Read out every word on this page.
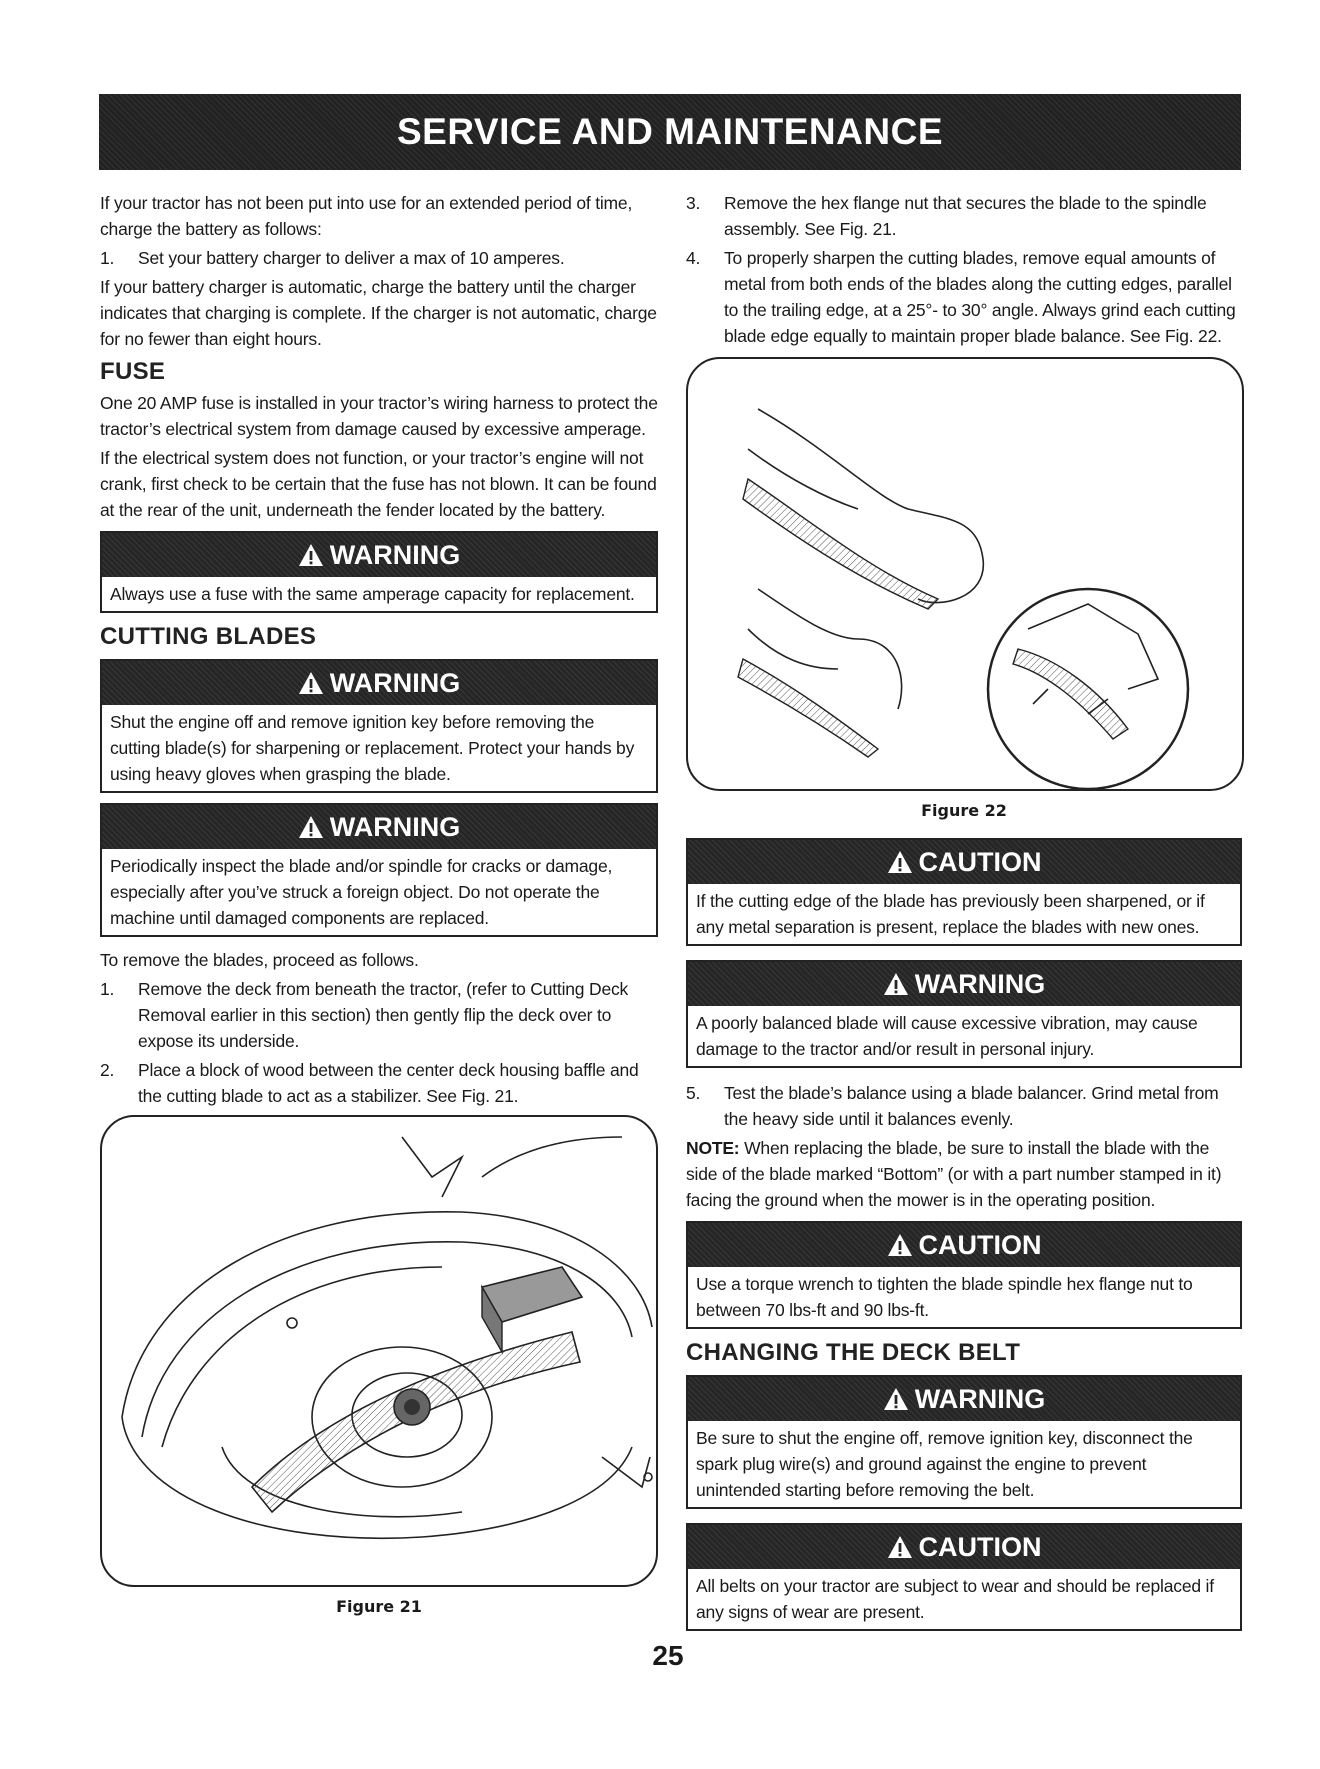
SERVICE AND MAINTENANCE

If your tractor has not been put into use for an extended period of time, charge the battery as follows:

1.	Set your battery charger to deliver a max of 10 amperes.

If your battery charger is automatic, charge the battery until the charger indicates that charging is complete. If the charger is not automatic, charge for no fewer than eight hours.

FUSE

One 20 AMP fuse is installed in your tractor’s wiring harness to protect the tractor’s electrical system from damage caused by excessive amperage.

If the electrical system does not function, or your tractor’s engine will not crank, first check to be certain that the fuse has not blown. It can be found at the rear of the unit, underneath the fender located by the battery.

WARNING
Always use a fuse with the same amperage capacity for replacement.
CUTTING BLADES
WARNING
Shut the engine off and remove ignition key before removing the cutting blade(s) for sharpening or replacement. Protect your hands by using heavy gloves when grasping the blade.
WARNING
Periodically inspect the blade and/or spindle for cracks or damage, especially after you’ve struck a foreign object. Do not operate the machine until damaged components are replaced.

To remove the blades, proceed as follows.

1.	Remove the deck from beneath the tractor, (refer to Cutting Deck Removal earlier in this section) then gently flip the deck over to expose its underside.
2.	Place a block of wood between the center deck housing baffle and the cutting blade to act as a stabilizer. See Fig. 21.
Figure 21
3.	Remove the hex flange nut that secures the blade to the spindle assembly. See Fig. 21.
4.	To properly sharpen the cutting blades, remove equal amounts of metal from both ends of the blades along the cutting edges, parallel to the trailing edge, at a 25°- to 30° angle. Always grind each cutting blade edge equally to maintain proper blade balance. See Fig. 22.
Figure 22
CAUTION
If the cutting edge of the blade has previously been sharpened, or if any metal separation is present, replace the blades with new ones.
WARNING
A poorly balanced blade will cause excessive vibration, may cause damage to the tractor and/or result in personal injury.
5.	Test the blade’s balance using a blade balancer. Grind metal from the heavy side until it balances evenly.

NOTE: When replacing the blade, be sure to install the blade with the side of the blade marked “Bottom” (or with a part number stamped in it) facing the ground when the mower is in the operating position.

CAUTION
Use a torque wrench to tighten the blade spindle hex flange nut to between 70 lbs-ft and 90 lbs-ft.
CHANGING THE DECK BELT
WARNING
Be sure to shut the engine off, remove ignition key, disconnect the spark plug wire(s) and ground against the engine to prevent unintended starting before removing the belt.
CAUTION
All belts on your tractor are subject to wear and should be replaced if any signs of wear are present.
25
